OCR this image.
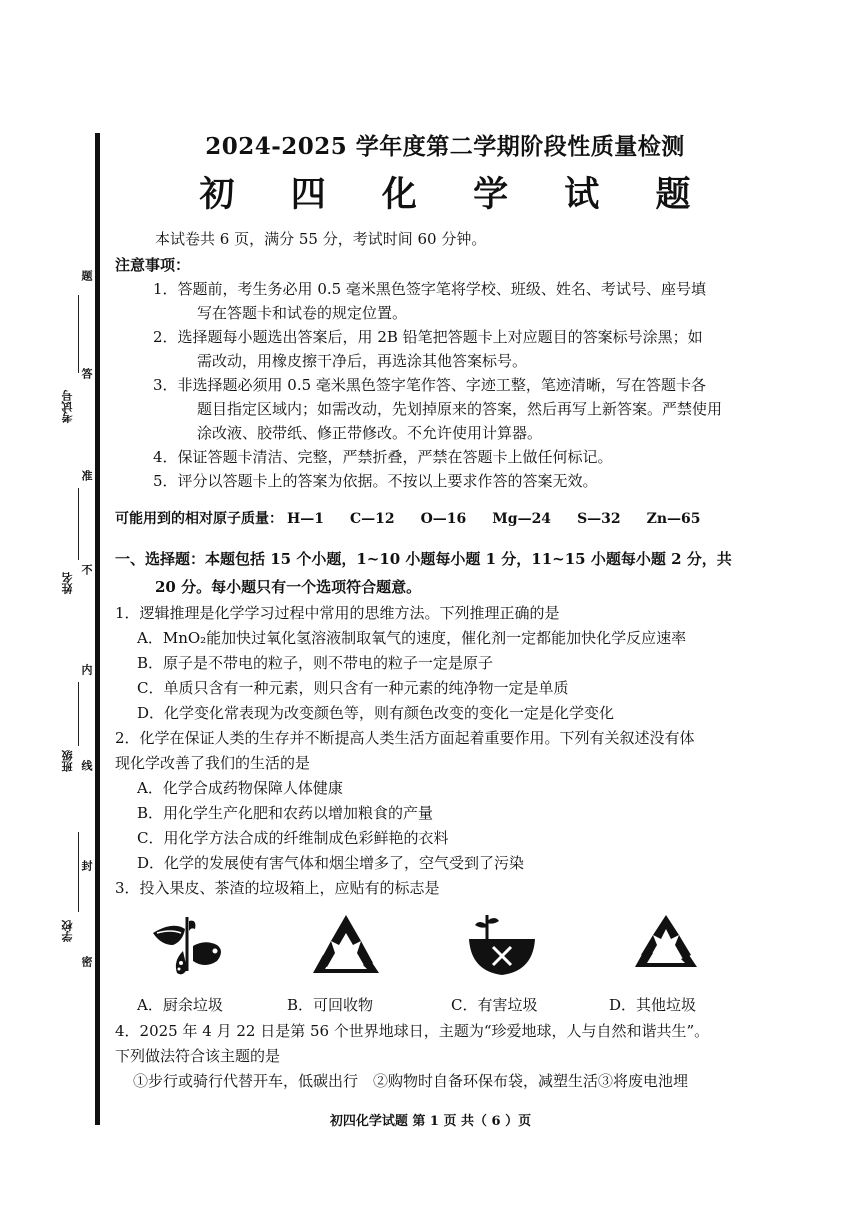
题
答
准
不
内
线
封
密
考试号
姓名
班级
学校
2024-2025 学年度第二学期阶段性质量检测
初 四 化 学 试 题

本试卷共 6 页，满分 55 分，考试时间 60 分钟。

注意事项：

1．答题前，考生务必用 0.5 毫米黑色签字笔将学校、班级、姓名、考试号、座号填
写在答题卡和试卷的规定位置。
2．选择题每小题选出答案后，用 2B 铅笔把答题卡上对应题目的答案标号涂黑；如
需改动，用橡皮擦干净后，再选涂其他答案标号。
3．非选择题必须用 0.5 毫米黑色签字笔作答、字迹工整，笔迹清晰，写在答题卡各
题目指定区域内；如需改动，先划掉原来的答案，然后再写上新答案。严禁使用
涂改液、胶带纸、修正带修改。不允许使用计算器。
4．保证答题卡清洁、完整，严禁折叠，严禁在答题卡上做任何标记。
5．评分以答题卡上的答案为依据。不按以上要求作答的答案无效。

可能用到的相对原子质量： H—1 C—12 O—16 Mg—24 S—32 Zn—65

一、选择题：本题包括 15 个小题，1~10 小题每小题 1 分，11~15 小题每小题 2 分，共
20 分。每小题只有一个选项符合题意。
1．逻辑推理是化学学习过程中常用的思维方法。下列推理正确的是
A．MnO₂能加快过氧化氢溶液制取氧气的速度，催化剂一定都能加快化学反应速率
B．原子是不带电的粒子，则不带电的粒子一定是原子
C．单质只含有一种元素，则只含有一种元素的纯净物一定是单质
D．化学变化常表现为改变颜色等，则有颜色改变的变化一定是化学变化
2．化学在保证人类的生存并不断提高人类生活方面起着重要作用。下列有关叙述没有体
现化学改善了我们的生活的是
A．化学合成药物保障人体健康
B．用化学生产化肥和农药以增加粮食的产量
C．用化学方法合成的纤维制成色彩鲜艳的衣料
D．化学的发展使有害气体和烟尘增多了，空气受到了污染
3．投入果皮、茶渣的垃圾箱上，应贴有的标志是
A．厨余垃圾	B．可回收物	C．有害垃圾	D．其他垃圾
4．2025 年 4 月 22 日是第 56 个世界地球日，主题为“珍爱地球，人与自然和谐共生”。
下列做法符合该主题的是
①步行或骑行代替开车，低碳出行　②购物时自备环保布袋，减塑生活③将废电池埋
初四化学试题 第 1 页 共（ 6 ）页
